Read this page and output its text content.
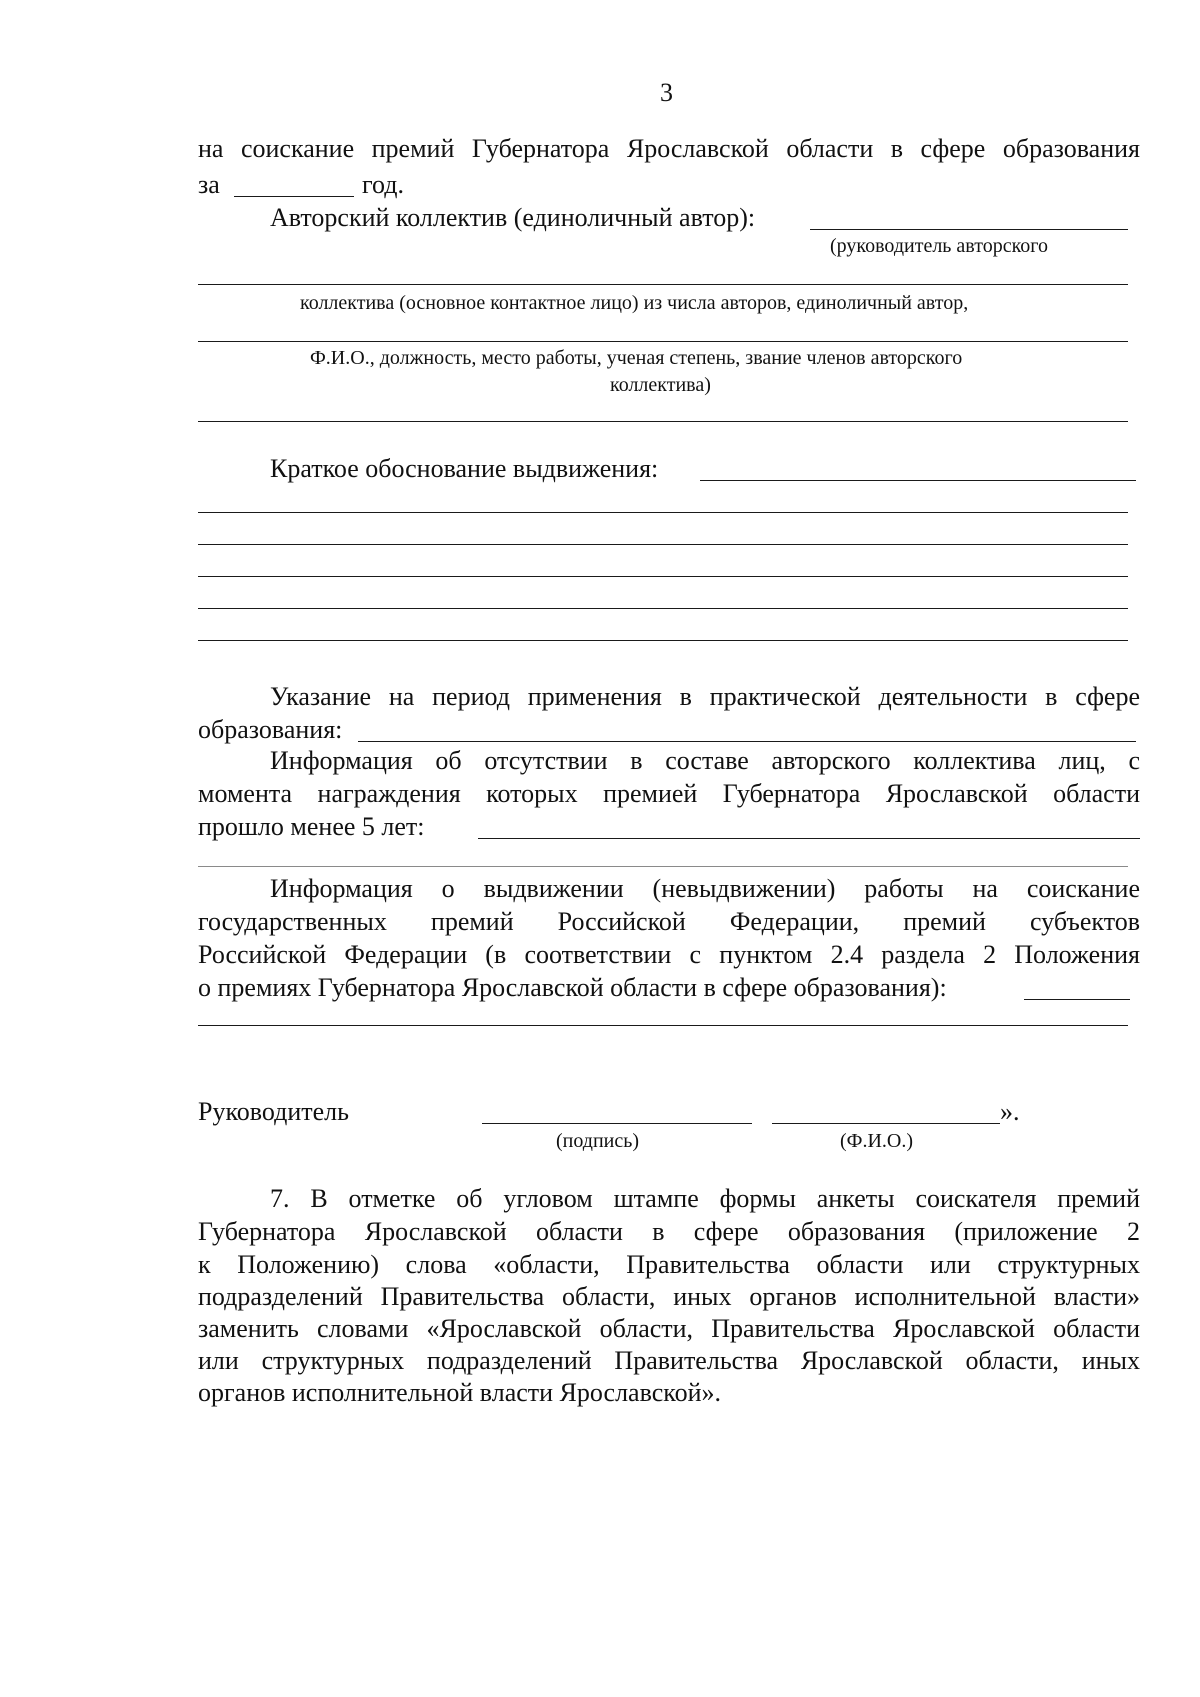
3
на соискание премий Губернатора Ярославской области в сфере образования
за	год.
Авторский коллектив (единоличный автор):
(руководитель авторского
коллектива (основное контактное лицо) из числа авторов, единоличный автор,
Ф.И.О., должность, место работы, ученая степень, звание членов авторского
коллектива)
Краткое обоснование выдвижения:
Указание на период применения в практической деятельности в сфере
образования:
Информация об отсутствии в составе авторского коллектива лиц, с
момента награждения которых премией Губернатора Ярославской области
прошло менее 5 лет:
Информация о выдвижении (невыдвижении) работы на соискание
государственных премий Российской Федерации, премий субъектов
Российской Федерации (в соответствии с пунктом 2.4 раздела 2 Положения
о премиях Губернатора Ярославской области в сфере образования):
Руководитель	».
(подпись)	(Ф.И.О.)
7. В отметке об угловом штампе формы анкеты соискателя премий
Губернатора Ярославской области в сфере образования (приложение 2
к Положению) слова «области, Правительства области или структурных
подразделений Правительства области, иных органов исполнительной власти»
заменить словами «Ярославской области, Правительства Ярославской области
или структурных подразделений Правительства Ярославской области, иных
органов исполнительной власти Ярославской».
